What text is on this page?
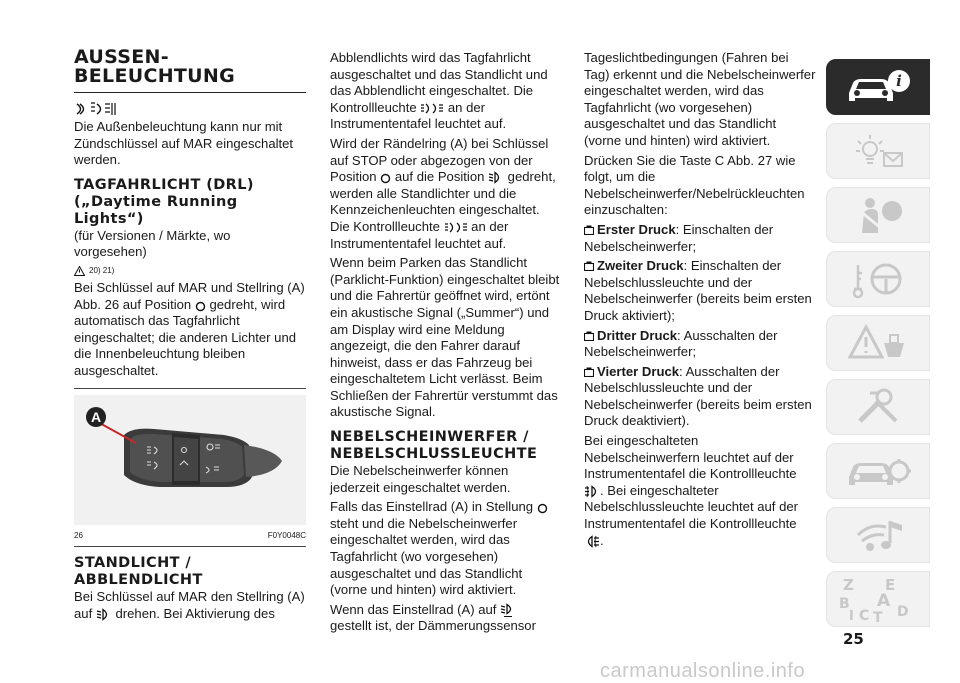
AUSSEN-
BELEUCHTUNG

Die Außenbeleuchtung kann nur mit Zündschlüssel auf MAR eingeschaltet werden.

TAGFAHRLICHT (DRL)
(„Daytime Running
Lights“)

(für Versionen / Märkte, wo vorgesehen)

20) 21)

Bei Schlüssel auf MAR und Stellring (A) Abb. 26 auf Position  gedreht, wird automatisch das Tagfahrlicht eingeschaltet; die anderen Lichter und die Innenbeleuchtung bleiben ausgeschaltet.

A
26	F0Y0048C
STANDLICHT /
ABBLENDLICHT

Bei Schlüssel auf MAR den Stellring (A) auf  drehen. Bei Aktivierung des

Abblendlichts wird das Tagfahrlicht ausgeschaltet und das Standlicht und das Abblendlicht eingeschaltet. Die Kontrollleuchte  an der Instrumententafel leuchtet auf.

Wird der Rändelring (A) bei Schlüssel auf STOP oder abgezogen von der Position  auf die Position  gedreht, werden alle Standlichter und die Kennzeichenleuchten eingeschaltet. Die Kontrollleuchte  an der Instrumententafel leuchtet auf.

Wenn beim Parken das Standlicht (Parklicht-Funktion) eingeschaltet bleibt und die Fahrertür geöffnet wird, ertönt ein akustische Signal („Summer“) und am Display wird eine Meldung angezeigt, die den Fahrer darauf hinweist, dass er das Fahrzeug bei eingeschaltetem Licht verlässt. Beim Schließen der Fahrertür verstummt das akustische Signal.

NEBELSCHEINWERFER /
NEBELSCHLUSSLEUCHTE

Die Nebelscheinwerfer können jederzeit eingeschaltet werden.

Falls das Einstellrad (A) in Stellung  steht und die Nebelscheinwerfer eingeschaltet werden, wird das Tagfahrlicht (wo vorgesehen) ausgeschaltet und das Standlicht (vorne und hinten) wird aktiviert.

Wenn das Einstellrad (A) auf  gestellt ist, der Dämmerungssensor

Tageslichtbedingungen (Fahren bei Tag) erkennt und die Nebelscheinwerfer eingeschaltet werden, wird das Tagfahrlicht (wo vorgesehen) ausgeschaltet und das Standlicht (vorne und hinten) wird aktiviert.

Drücken Sie die Taste C Abb. 27 wie folgt, um die Nebelscheinwerfer/Nebelrückleuchten einzuschalten:

Erster Druck: Einschalten der Nebelscheinwerfer;

Zweiter Druck: Einschalten der Nebelschlussleuchte und der Nebelscheinwerfer (bereits beim ersten Druck aktiviert);

Dritter Druck: Ausschalten der Nebelscheinwerfer;

Vierter Druck: Ausschalten der Nebelschlussleuchte und der Nebelscheinwerfer (bereits beim ersten Druck deaktiviert).

Bei eingeschalteten Nebelscheinwerfern leuchtet auf der Instrumententafel die Kontrollleuchte . Bei eingeschalteter Nebelschlussleuchte leuchtet auf der Instrumententafel die Kontrollleuchte
.

i
Z E
B A
D
I C T
25
carmanualsonline.info
